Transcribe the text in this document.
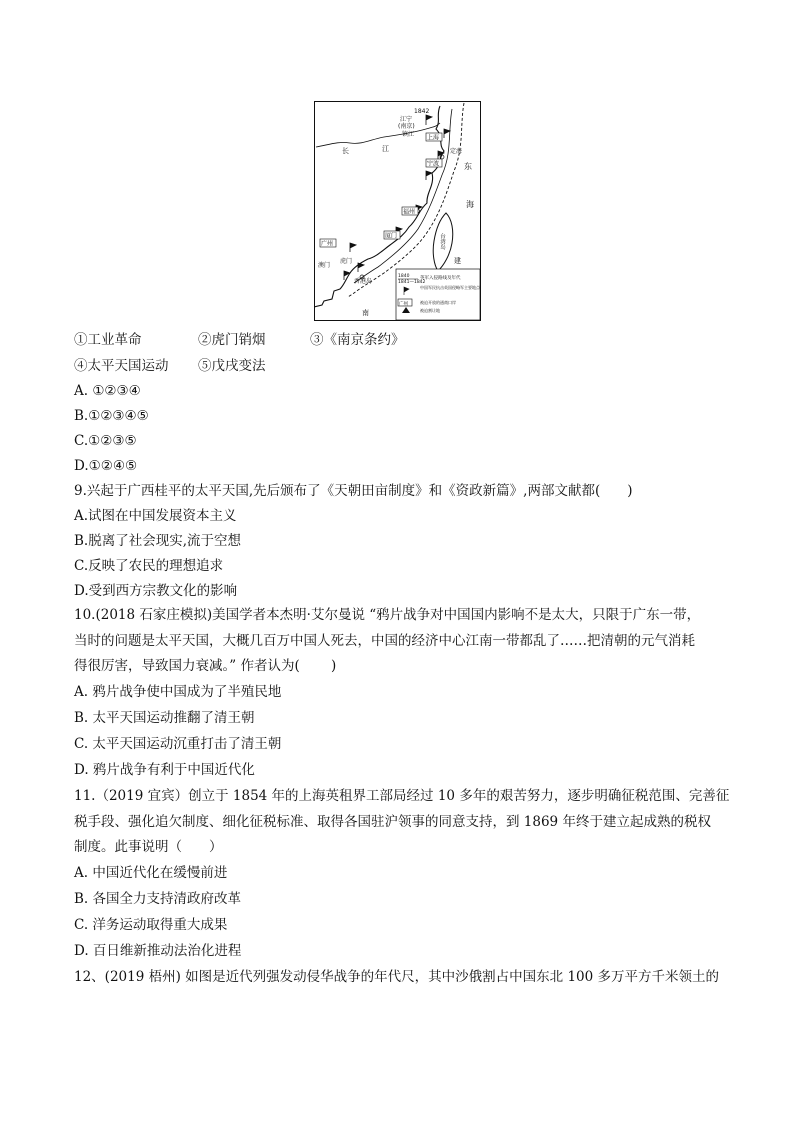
1842
江宁
(南京)
镇江 上海
定海
宁波	东
海
福州
厦门	台湾岛
建
广州
虎门
澳门
香港岛
南
长	江
1840
1841—1842
英军入侵路线及年代
中国军民抗击英国侵略军主要地点
广州	被迫开放的通商口岸
被迫割让地
①工业革命	②虎门销烟	③《南京条约》
④太平天国运动 ⑤戊戌变法
A. ①②③④
B.①②③④⑤
C.①②③⑤
D.①②④⑤
9.兴起于广西桂平的太平天国,先后颁布了《天朝田亩制度》和《资政新篇》,两部文献都(　　)
A.试图在中国发展资本主义
B.脱离了社会现实,流于空想
C.反映了农民的理想追求
D.受到西方宗教文化的影响
10.(2018 石家庄模拟)美国学者本杰明·艾尔曼说 “鸦片战争对中国国内影响不是太大，只限于广东一带，
当时的问题是太平天国，大概几百万中国人死去，中国的经济中心江南一带都乱了……把清朝的元气消耗
得很厉害，导致国力衰减。” 作者认为(　　 )
A. 鸦片战争使中国成为了半殖民地
B. 太平天国运动推翻了清王朝
C. 太平天国运动沉重打击了清王朝
D. 鸦片战争有利于中国近代化
11.（2019 宜宾）创立于 1854 年的上海英租界工部局经过 10 多年的艰苦努力，逐步明确征税范围、完善征
税手段、强化追欠制度、细化征税标准、取得各国驻沪领事的同意支持，到 1869 年终于建立起成熟的税权
制度。此事说明（　　）
A. 中国近代化在缓慢前进
B. 各国全力支持清政府改革
C. 洋务运动取得重大成果
D. 百日维新推动法治化进程
12、(2019 梧州) 如图是近代列强发动侵华战争的年代尺，其中沙俄割占中国东北 100 多万平方千米领土的
